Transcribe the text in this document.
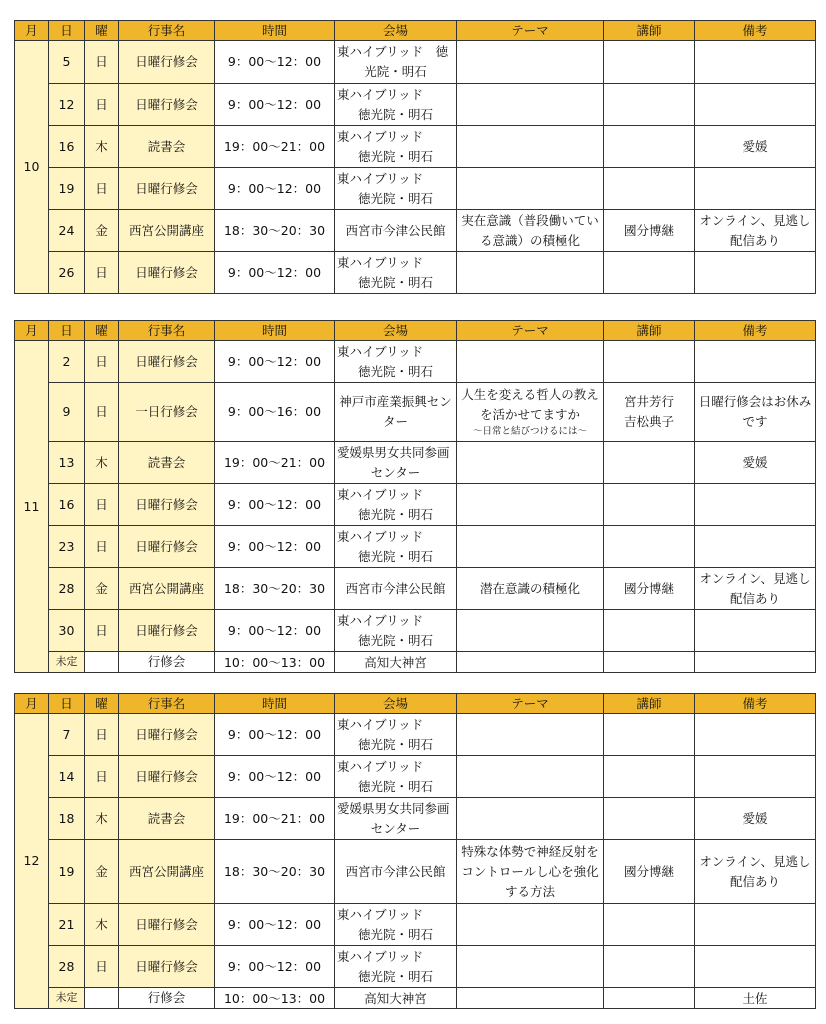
月	日	曜	行事名	時間	会場	テーマ	講師	備考
10	5	日	日曜行修会	9：00〜12：00	東ハイブリッド　徳
光院・明石			

	12	日	日曜行修会	9：00〜12：00	東ハイブリッド
徳光院・明石			

	16	木	読書会	19：00〜21：00	東ハイブリッド
徳光院・明石			愛媛
	19	日	日曜行修会	9：00〜12：00	東ハイブリッド
徳光院・明石			

	24	金	西宮公開講座	18：30〜20：30	西宮市今津公民館	実在意識（普段働いてい
る意識）の積極化	國分博継	オンライン、見逃し
配信あり

	26	日	日曜行修会	9：00〜12：00	東ハイブリッド
徳光院・明石			

月	日	曜	行事名	時間	会場	テーマ	講師	備考
11	2	日	日曜行修会	9：00〜12：00	東ハイブリッド
徳光院・明石			

	9	日	一日行修会	9：00〜16：00	神戸市産業振興セン
ター	人生を変える哲人の教え
を活かせてますか
〜日常と結びつけるには〜	宮井芳行
吉松典子	日曜行修会はお休み
です

	13	木	読書会	19：00〜21：00	愛媛県男女共同参画
センター			愛媛
	16	日	日曜行修会	9：00〜12：00	東ハイブリッド
徳光院・明石			

	23	日	日曜行修会	9：00〜12：00	東ハイブリッド
徳光院・明石			

	28	金	西宮公開講座	18：30〜20：30	西宮市今津公民館	潜在意識の積極化	國分博継	オンライン、見逃し
配信あり

	30	日	日曜行修会	9：00〜12：00	東ハイブリッド
徳光院・明石			

	未定		行修会	10：00〜13：00	高知大神宮			
月	日	曜	行事名	時間	会場	テーマ	講師	備考
12	7	日	日曜行修会	9：00〜12：00	東ハイブリッド
徳光院・明石			

	14	日	日曜行修会	9：00〜12：00	東ハイブリッド
徳光院・明石			

	18	木	読書会	19：00〜21：00	愛媛県男女共同参画
センター			愛媛
	19	金	西宮公開講座	18：30〜20：30	西宮市今津公民館	特殊な体勢で神経反射を
コントロールし心を強化
する方法	國分博継	オンライン、見逃し
配信あり

	21	木	日曜行修会	9：00〜12：00	東ハイブリッド
徳光院・明石			

	28	日	日曜行修会	9：00〜12：00	東ハイブリッド
徳光院・明石			

	未定		行修会	10：00〜13：00	高知大神宮			土佐
